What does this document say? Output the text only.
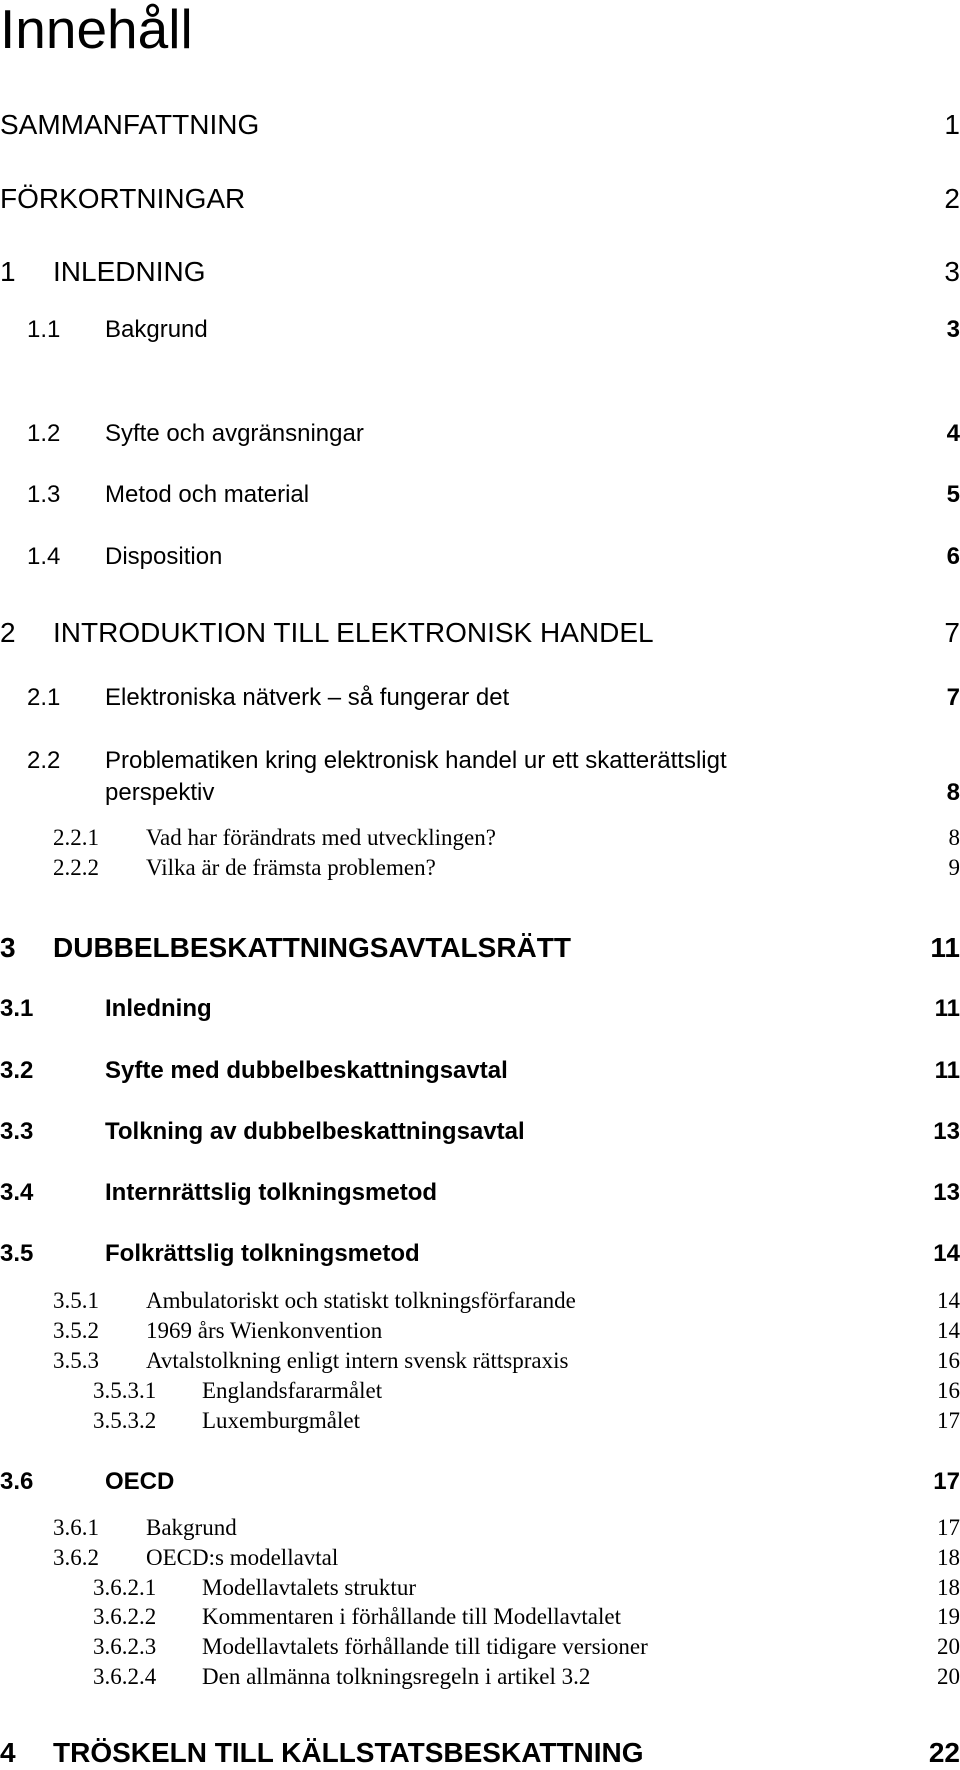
Innehåll
SAMMANFATTNING	1
FÖRKORTNINGAR	2
1 INLEDNING	3
1.1 Bakgrund	3
1.2 Syfte och avgränsningar	4
1.3 Metod och material	5
1.4 Disposition	6
2 INTRODUKTION TILL ELEKTRONISK HANDEL	7
2.1 Elektroniska nätverk – så fungerar det	7
2.2 Problematiken kring elektronisk handel ur ett skatterättsligt
perspektiv	8
2.2.1 Vad har förändrats med utvecklingen?	8
2.2.2 Vilka är de främsta problemen?	9
3 DUBBELBESKATTNINGSAVTALSRÄTT	11
3.1	Inledning	11
3.2	Syfte med dubbelbeskattningsavtal	11
3.3	Tolkning av dubbelbeskattningsavtal	13
3.4	Internrättslig tolkningsmetod	13
3.5	Folkrättslig tolkningsmetod	14
3.5.1 Ambulatoriskt och statiskt tolkningsförfarande	14
3.5.2 1969 års Wienkonvention	14
3.5.3 Avtalstolkning enligt intern svensk rättspraxis	16
3.5.3.1 Englandsfararmålet	16
3.5.3.2 Luxemburgmålet	17
3.6	OECD	17
3.6.1 Bakgrund	17
3.6.2 OECD:s modellavtal	18
3.6.2.1 Modellavtalets struktur	18
3.6.2.2 Kommentaren i förhållande till Modellavtalet	19
3.6.2.3 Modellavtalets förhållande till tidigare versioner	20
3.6.2.4 Den allmänna tolkningsregeln i artikel 3.2	20
4 TRÖSKELN TILL KÄLLSTATSBESKATTNING	22
